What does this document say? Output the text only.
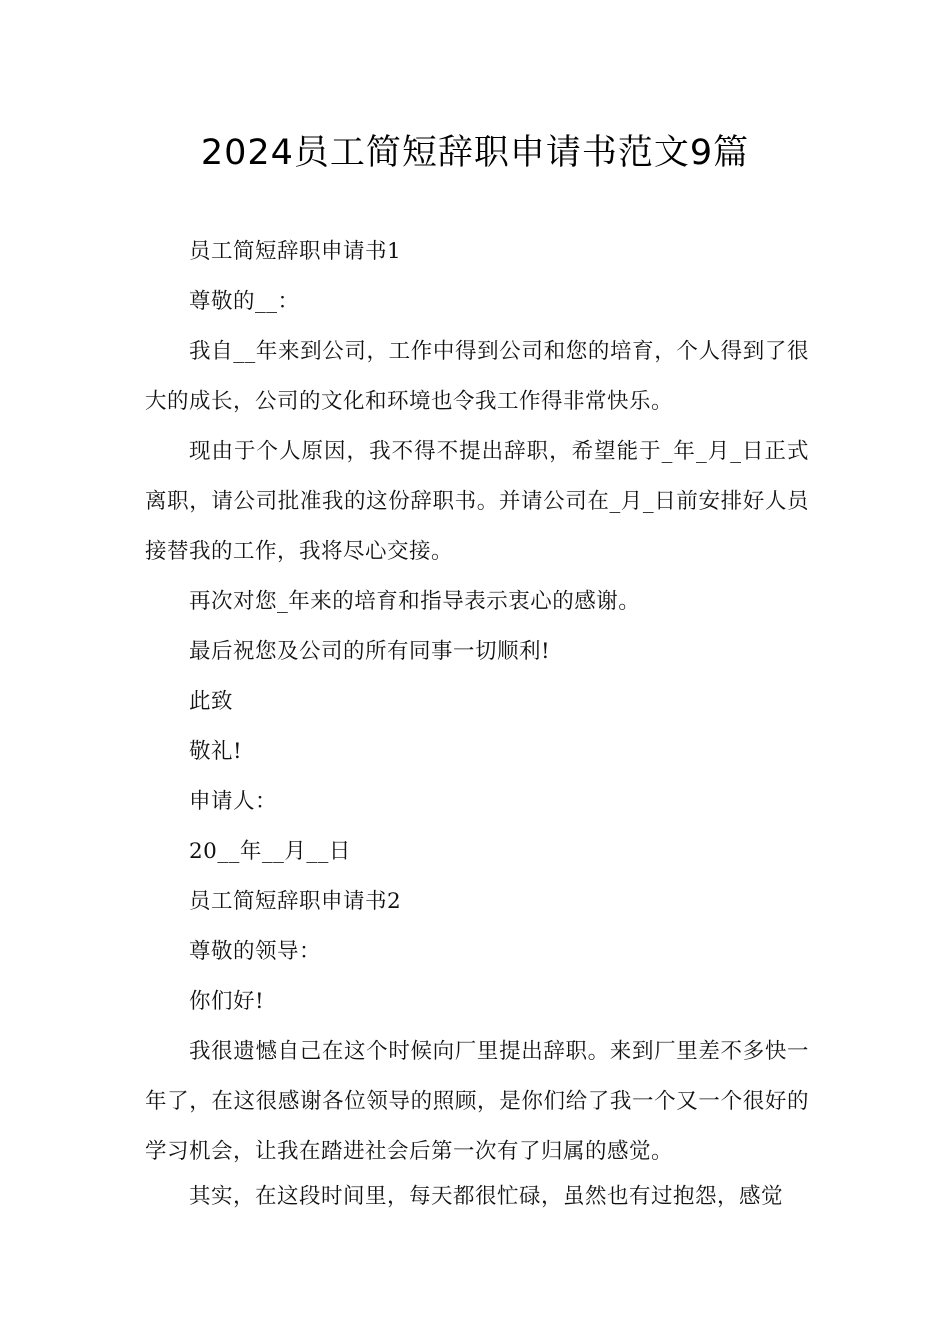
2024员工简短辞职申请书范文9篇
员工简短辞职申请书1
尊敬的__：
我自__年来到公司，工作中得到公司和您的培育，个人得到了很大的成长，公司的文化和环境也令我工作得非常快乐。
现由于个人原因，我不得不提出辞职，希望能于_年_月_日正式离职，请公司批准我的这份辞职书。并请公司在_月_日前安排好人员接替我的工作，我将尽心交接。
再次对您_年来的培育和指导表示衷心的感谢。
最后祝您及公司的所有同事一切顺利!
此致
敬礼!
申请人：
20__年__月__日
员工简短辞职申请书2
尊敬的领导：
你们好!
我很遗憾自己在这个时候向厂里提出辞职。来到厂里差不多快一年了，在这很感谢各位领导的照顾，是你们给了我一个又一个很好的学习机会，让我在踏进社会后第一次有了归属的感觉。
其实，在这段时间里，每天都很忙碌，虽然也有过抱怨，感觉
